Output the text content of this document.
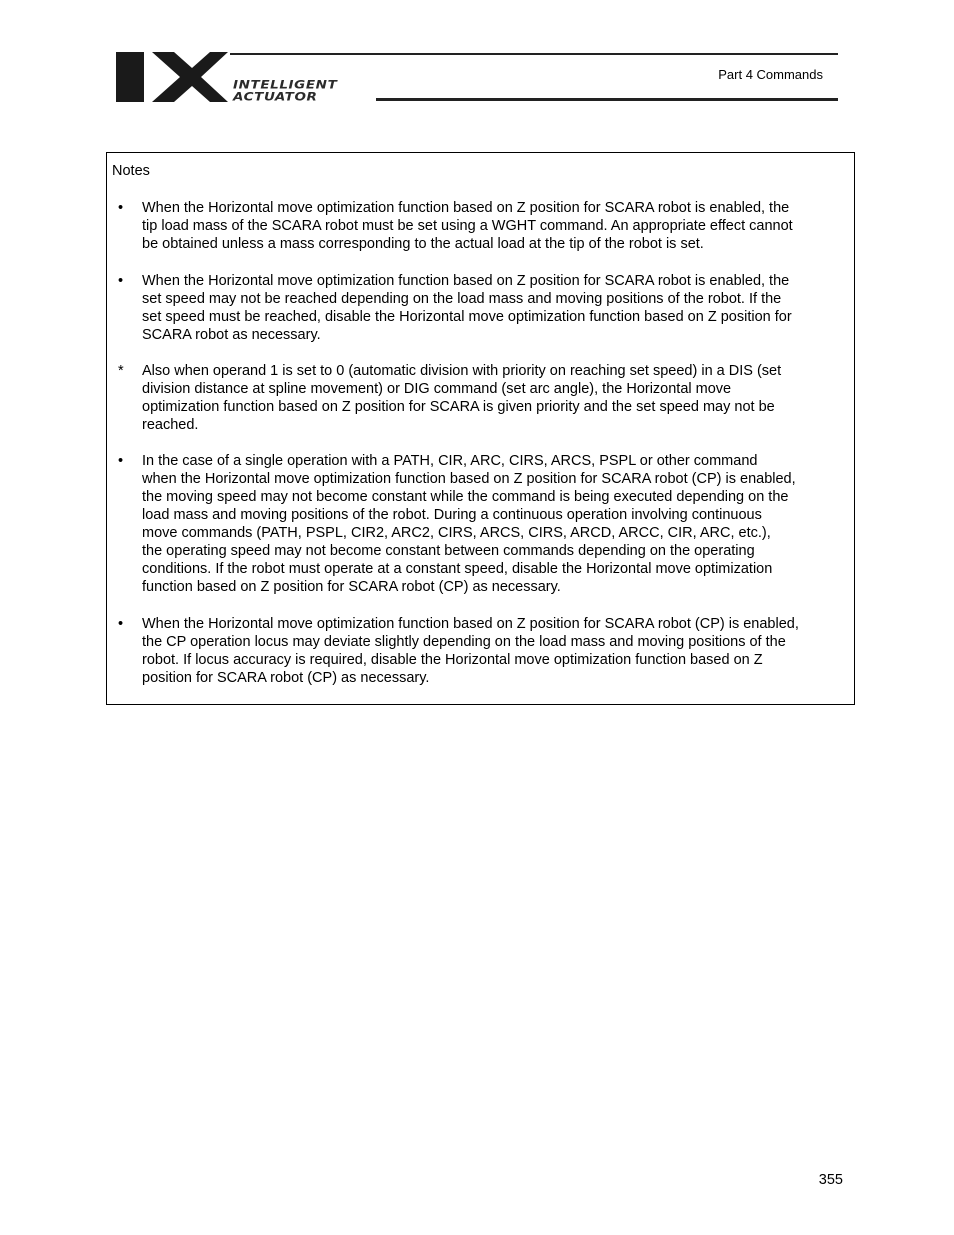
INTELLIGENT
ACTUATOR
Part 4 Commands
Notes
•	When the Horizontal move optimization function based on Z position for SCARA robot is enabled, the
tip load mass of the SCARA robot must be set using a WGHT command. An appropriate effect cannot
be obtained unless a mass corresponding to the actual load at the tip of the robot is set.
•	When the Horizontal move optimization function based on Z position for SCARA robot is enabled, the
set speed may not be reached depending on the load mass and moving positions of the robot. If the
set speed must be reached, disable the Horizontal move optimization function based on Z position for
SCARA robot as necessary.
*	Also when operand 1 is set to 0 (automatic division with priority on reaching set speed) in a DIS (set
division distance at spline movement) or DIG command (set arc angle), the Horizontal move
optimization function based on Z position for SCARA is given priority and the set speed may not be
reached.
•	In the case of a single operation with a PATH, CIR, ARC, CIRS, ARCS, PSPL or other command
when the Horizontal move optimization function based on Z position for SCARA robot (CP) is enabled,
the moving speed may not become constant while the command is being executed depending on the
load mass and moving positions of the robot. During a continuous operation involving continuous
move commands (PATH, PSPL, CIR2, ARC2, CIRS, ARCS, CIRS, ARCD, ARCC, CIR, ARC, etc.),
the operating speed may not become constant between commands depending on the operating
conditions. If the robot must operate at a constant speed, disable the Horizontal move optimization
function based on Z position for SCARA robot (CP) as necessary.
•	When the Horizontal move optimization function based on Z position for SCARA robot (CP) is enabled,
the CP operation locus may deviate slightly depending on the load mass and moving positions of the
robot. If locus accuracy is required, disable the Horizontal move optimization function based on Z
position for SCARA robot (CP) as necessary.
355
